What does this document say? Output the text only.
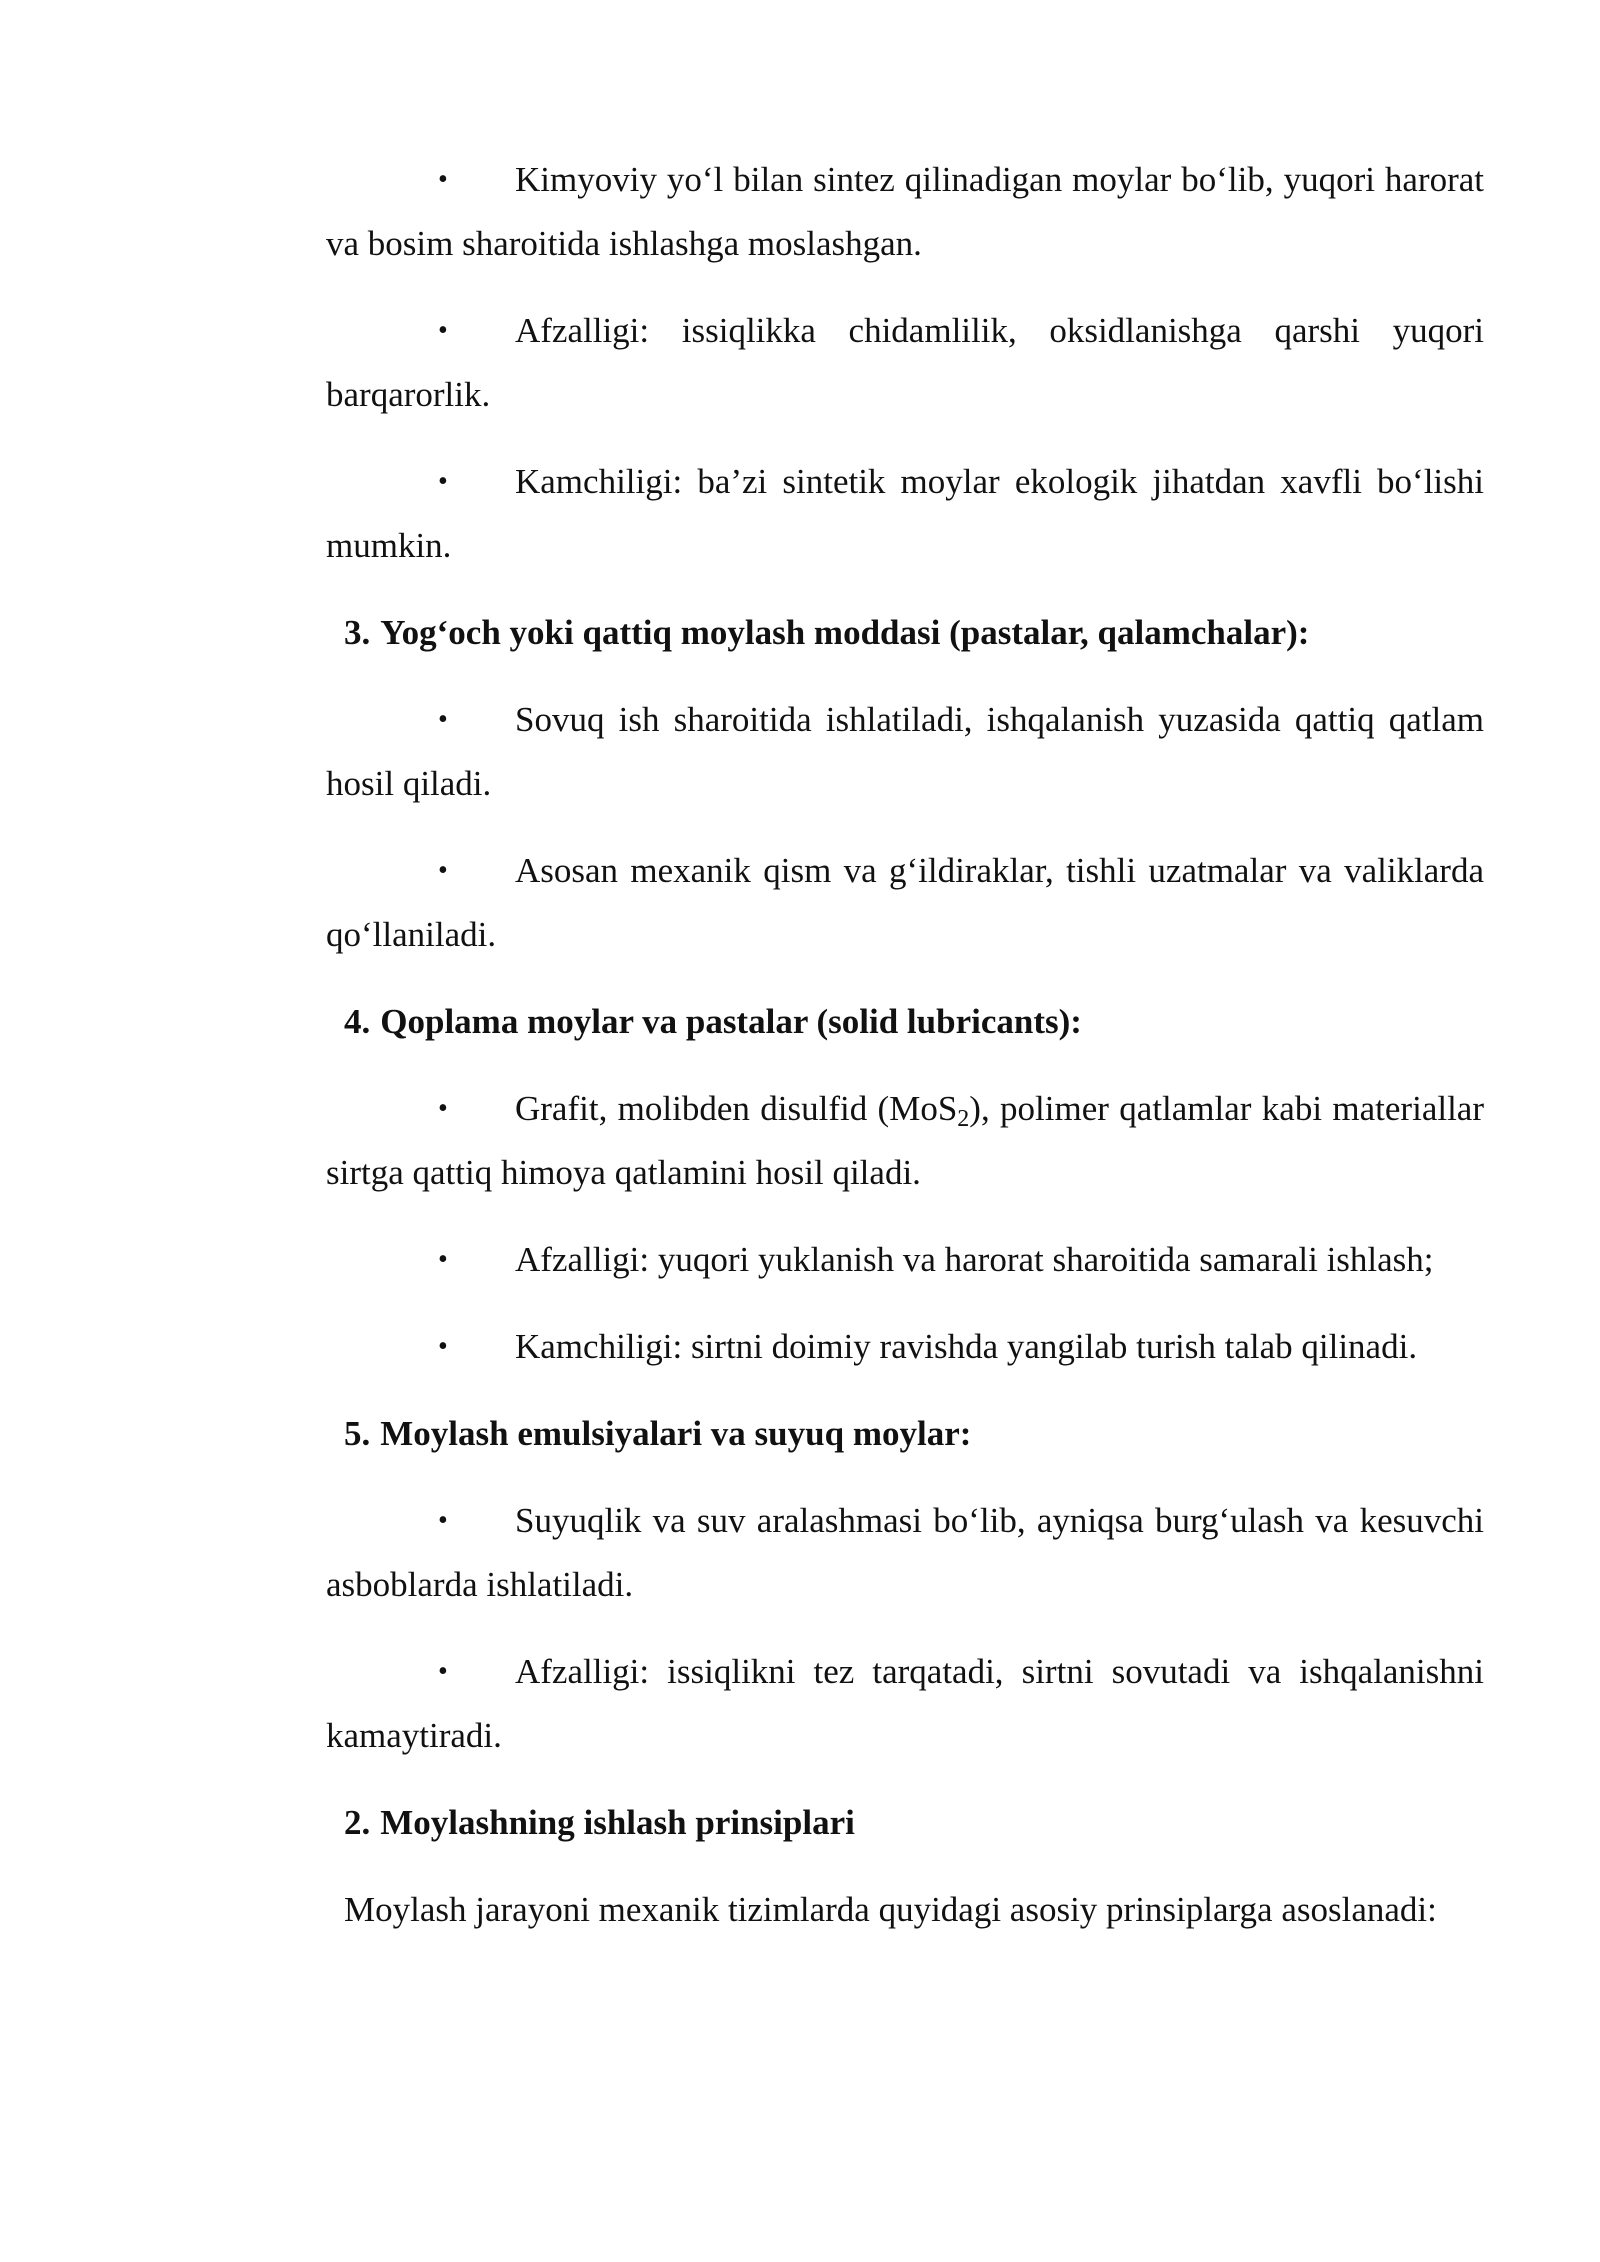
• Kimyoviy yo‘l bilan sintez qilinadigan moylar bo‘lib, yuqori harorat va bosim sharoitida ishlashga moslashgan.

• Afzalligi: issiqlikka chidamlilik, oksidlanishga qarshi yuqori barqarorlik.

• Kamchiligi: ba’zi sintetik moylar ekologik jihatdan xavfli bo‘lishi mumkin.

3. Yog‘och yoki qattiq moylash moddasi (pastalar, qalamchalar):

• Sovuq ish sharoitida ishlatiladi, ishqalanish yuzasida qattiq qatlam hosil qiladi.

• Asosan mexanik qism va g‘ildiraklar, tishli uzatmalar va valiklarda qo‘llaniladi.

4. Qoplama moylar va pastalar (solid lubricants):

• Grafit, molibden disulfid (MoS$_2$), polimer qatlamlar kabi materiallar sirtga qattiq himoya qatlamini hosil qiladi.

• Afzalligi: yuqori yuklanish va harorat sharoitida samarali ishlash;

• Kamchiligi: sirtni doimiy ravishda yangilab turish talab qilinadi.

5. Moylash emulsiyalari va suyuq moylar:

• Suyuqlik va suv aralashmasi bo‘lib, ayniqsa burg‘ulash va kesuvchi asboblarda ishlatiladi.

• Afzalligi: issiqlikni tez tarqatadi, sirtni sovutadi va ishqalanishni kamaytiradi.

2. Moylashning ishlash prinsiplari

Moylash jarayoni mexanik tizimlarda quyidagi asosiy prinsiplarga asoslanadi:
